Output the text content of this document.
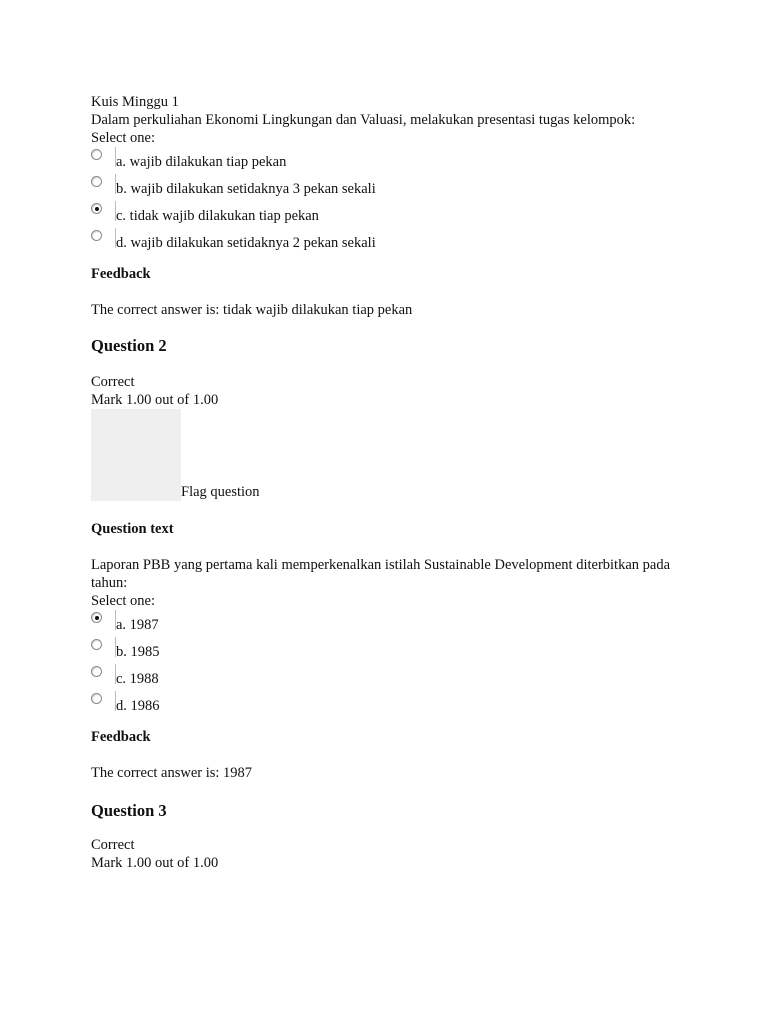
Kuis Minggu 1
Dalam perkuliahan Ekonomi Lingkungan dan Valuasi, melakukan presentasi tugas kelompok:
Select one:
a. wajib dilakukan tiap pekan
b. wajib dilakukan setidaknya 3 pekan sekali
c. tidak wajib dilakukan tiap pekan
d. wajib dilakukan setidaknya 2 pekan sekali
Feedback
The correct answer is: tidak wajib dilakukan tiap pekan
Question 2
Correct
Mark 1.00 out of 1.00
Flag question
Question text
Laporan PBB yang pertama kali memperkenalkan istilah Sustainable Development diterbitkan pada tahun:
Select one:
a. 1987
b. 1985
c. 1988
d. 1986
Feedback
The correct answer is: 1987
Question 3
Correct
Mark 1.00 out of 1.00
